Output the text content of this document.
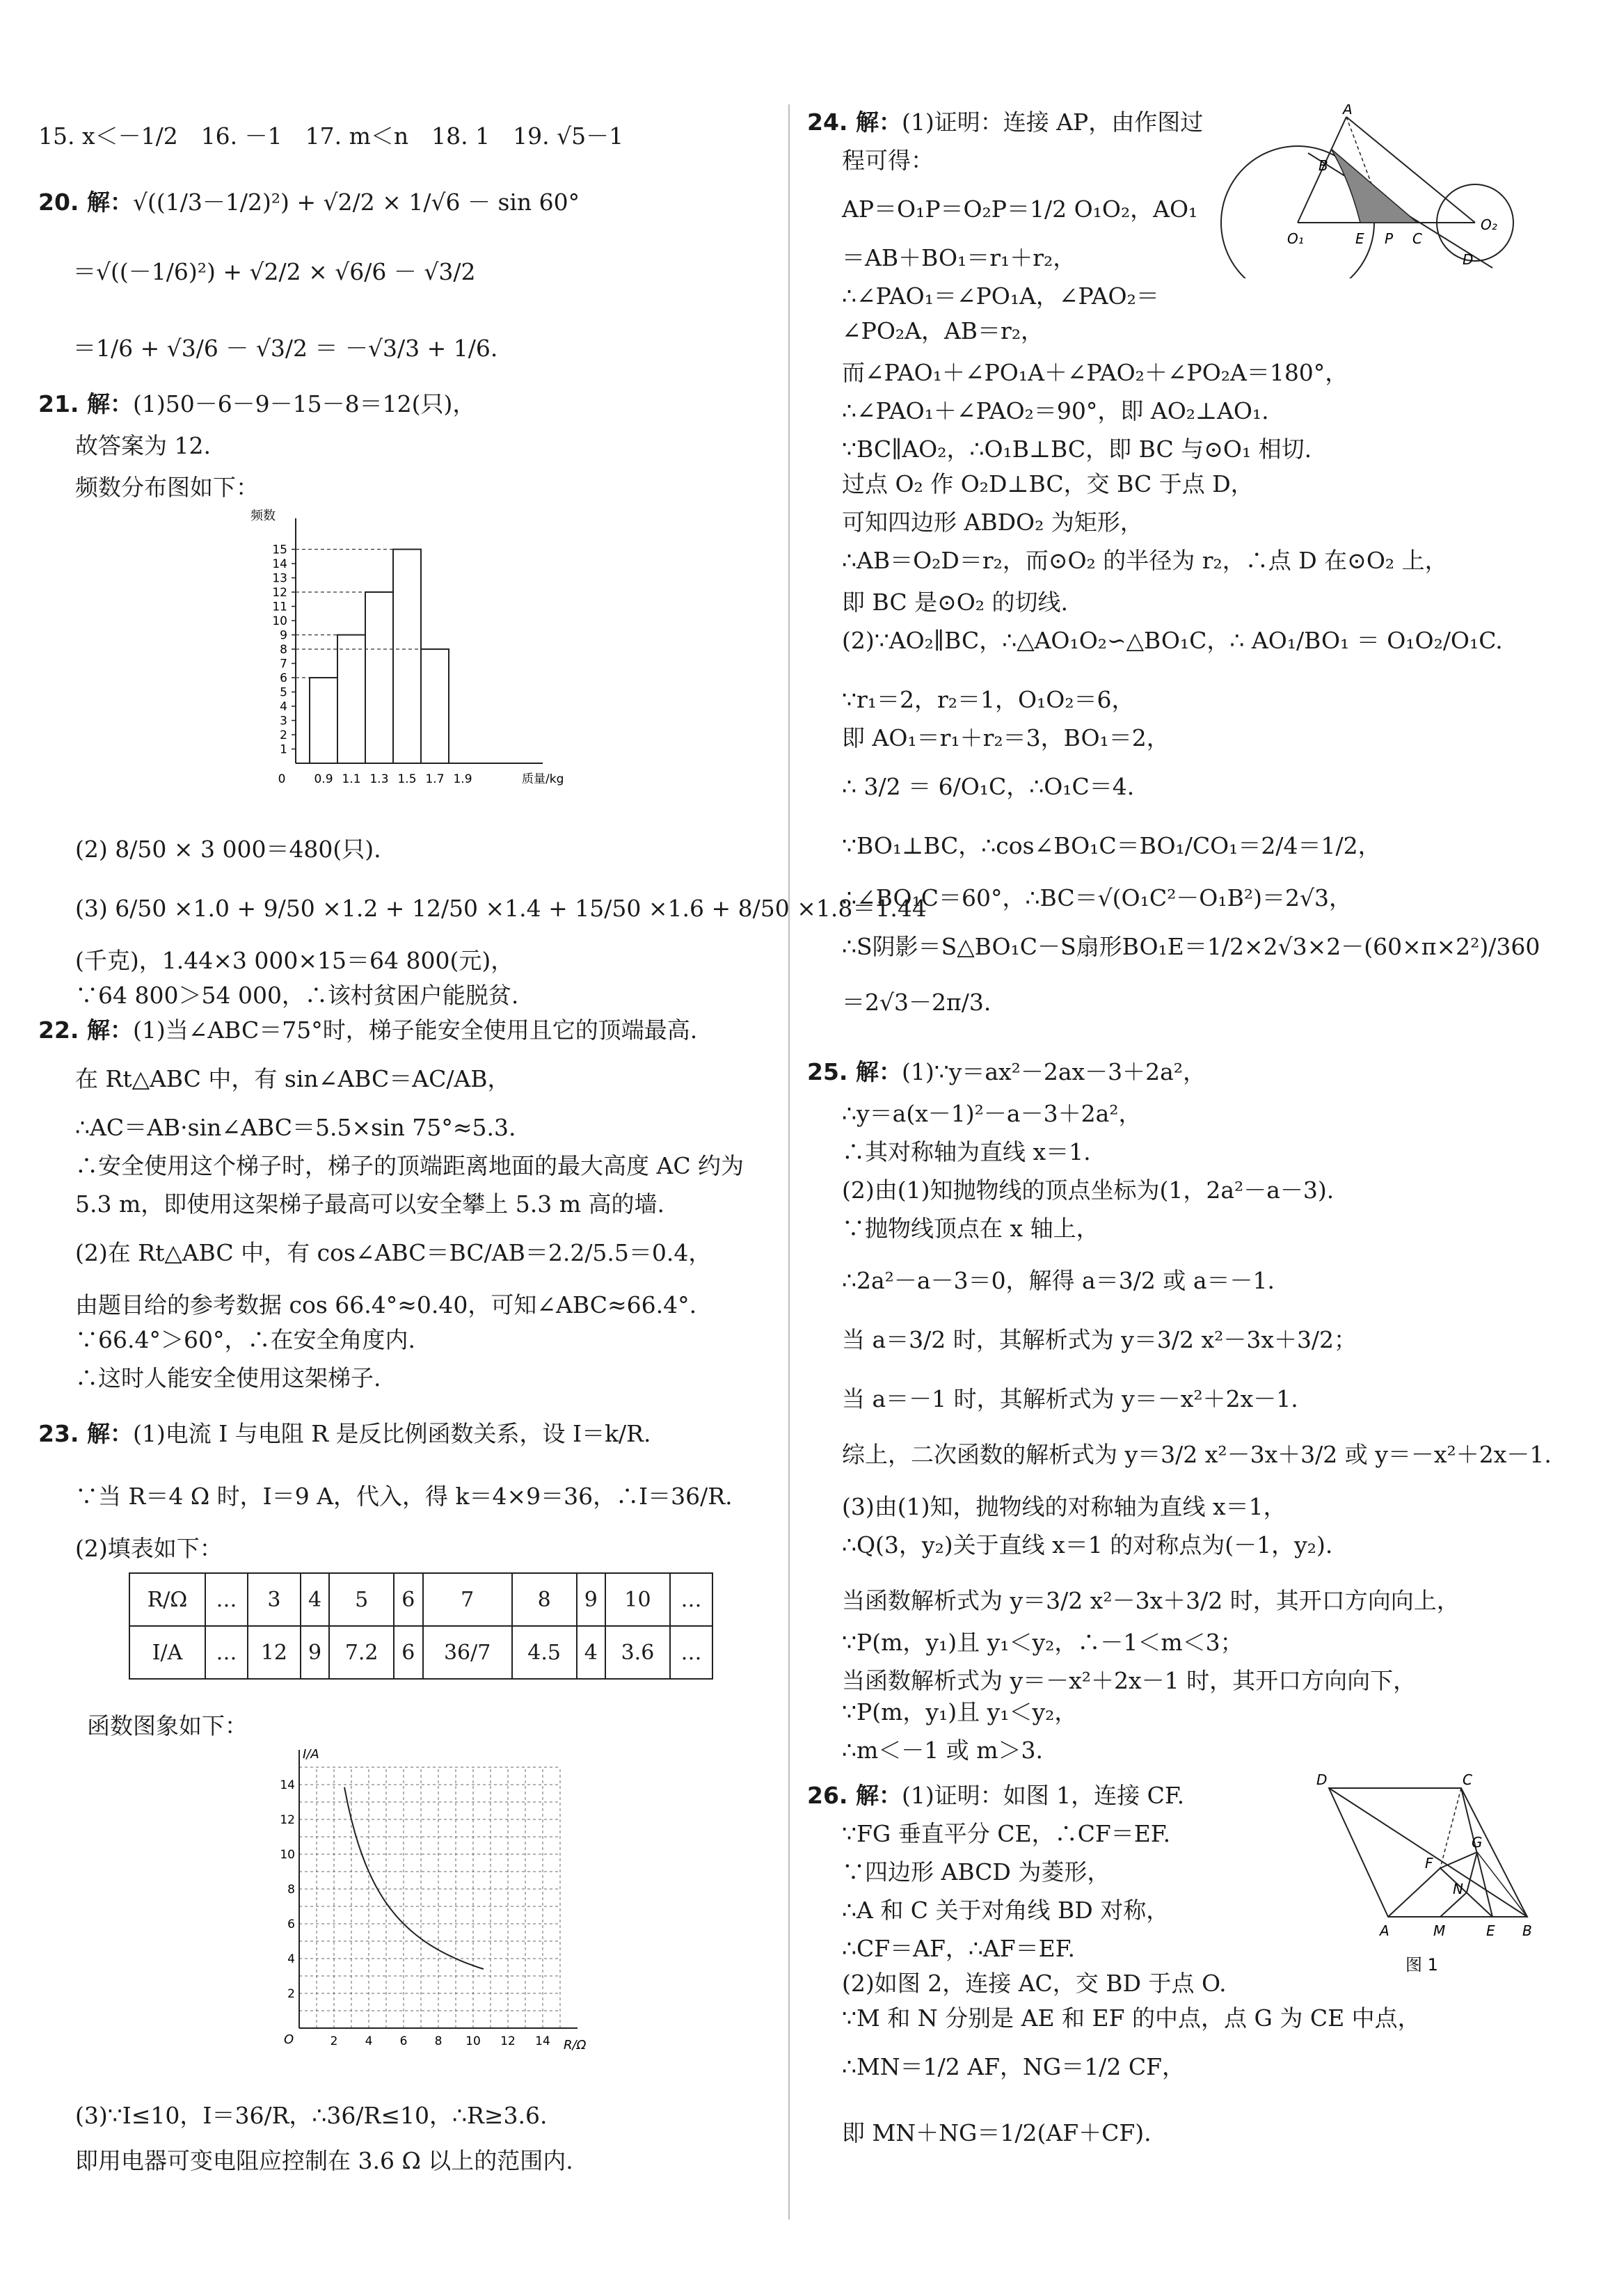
频数
质量/kg
1
2
3
4
5
6
7
8
9
10
11
12
13
14
15
0 0.9 1.1 1.3 1.5 1.7 1.9
R/Ω	…	3	4	5	6	7	8	9	10	…
I/A	…	12	9	7.2	6	36/7	4.5	4	3.6	…
I/A
R/Ω
O
2
4
6
8
10
12
14
2 4 6 8 10 12 14
A
B
O₁	E P C
O₂
D
D	C
F
G
N
A	M	E B
图 1
15. x＜－1/2　16. －1　17. m＜n　18. 1　19. √5－1
20. 解：√((1/3－1/2)²) + √2/2 × 1/√6 － sin 60°
＝√((－1/6)²) + √2/2 × √6/6 － √3/2
＝1/6 + √3/6 － √3/2 ＝ －√3/3 + 1/6.
21. 解：(1)50－6－9－15－8＝12(只)，
故答案为 12.
频数分布图如下：
(2) 8/50 × 3 000＝480(只).
(3) 6/50 ×1.0 + 9/50 ×1.2 + 12/50 ×1.4 + 15/50 ×1.6 + 8/50 ×1.8＝1.44
(千克)，1.44×3 000×15＝64 800(元)，
∵64 800＞54 000，∴该村贫困户能脱贫.
22. 解：(1)当∠ABC＝75°时，梯子能安全使用且它的顶端最高.
在 Rt△ABC 中，有 sin∠ABC＝AC/AB，
∴AC＝AB·sin∠ABC＝5.5×sin 75°≈5.3.
∴安全使用这个梯子时，梯子的顶端距离地面的最大高度 AC 约为
5.3 m，即使用这架梯子最高可以安全攀上 5.3 m 高的墙.
(2)在 Rt△ABC 中，有 cos∠ABC＝BC/AB＝2.2/5.5＝0.4，
由题目给的参考数据 cos 66.4°≈0.40，可知∠ABC≈66.4°.
∵66.4°＞60°，∴在安全角度内.
∴这时人能安全使用这架梯子.
23. 解：(1)电流 I 与电阻 R 是反比例函数关系，设 I＝k/R.
∵当 R＝4 Ω 时，I＝9 A，代入，得 k＝4×9＝36，∴I＝36/R.
(2)填表如下：
函数图象如下：
(3)∵I≤10，I＝36/R，∴36/R≤10，∴R≥3.6.
即用电器可变电阻应控制在 3.6 Ω 以上的范围内.
24. 解：(1)证明：连接 AP，由作图过
程可得：
AP＝O₁P＝O₂P＝1/2 O₁O₂，AO₁
＝AB＋BO₁＝r₁＋r₂，
∴∠PAO₁＝∠PO₁A，∠PAO₂＝
∠PO₂A，AB＝r₂，
而∠PAO₁＋∠PO₁A＋∠PAO₂＋∠PO₂A＝180°，
∴∠PAO₁＋∠PAO₂＝90°，即 AO₂⊥AO₁.
∵BC∥AO₂，∴O₁B⊥BC，即 BC 与⊙O₁ 相切.
过点 O₂ 作 O₂D⊥BC，交 BC 于点 D，
可知四边形 ABDO₂ 为矩形，
∴AB＝O₂D＝r₂，而⊙O₂ 的半径为 r₂，∴点 D 在⊙O₂ 上，
即 BC 是⊙O₂ 的切线.
(2)∵AO₂∥BC，∴△AO₁O₂∽△BO₁C，∴ AO₁/BO₁ ＝ O₁O₂/O₁C.
∵r₁＝2，r₂＝1，O₁O₂＝6，
即 AO₁＝r₁＋r₂＝3，BO₁＝2，
∴ 3/2 ＝ 6/O₁C，∴O₁C＝4.
∵BO₁⊥BC，∴cos∠BO₁C＝BO₁/CO₁＝2/4＝1/2，
∴∠BO₁C＝60°，∴BC＝√(O₁C²－O₁B²)＝2√3，
∴S阴影＝S△BO₁C－S扇形BO₁E＝1/2×2√3×2－(60×π×2²)/360
＝2√3－2π/3.
25. 解：(1)∵y＝ax²－2ax－3＋2a²，
∴y＝a(x－1)²－a－3＋2a²，
∴其对称轴为直线 x＝1.
(2)由(1)知抛物线的顶点坐标为(1，2a²－a－3).
∵抛物线顶点在 x 轴上，
∴2a²－a－3＝0，解得 a＝3/2 或 a＝－1.
当 a＝3/2 时，其解析式为 y＝3/2 x²－3x＋3/2；
当 a＝－1 时，其解析式为 y＝－x²＋2x－1.
综上，二次函数的解析式为 y＝3/2 x²－3x＋3/2 或 y＝－x²＋2x－1.
(3)由(1)知，抛物线的对称轴为直线 x＝1，
∴Q(3，y₂)关于直线 x＝1 的对称点为(－1，y₂).
当函数解析式为 y＝3/2 x²－3x＋3/2 时，其开口方向向上，
∵P(m，y₁)且 y₁＜y₂，∴－1＜m＜3；
当函数解析式为 y＝－x²＋2x－1 时，其开口方向向下，
∵P(m，y₁)且 y₁＜y₂，
∴m＜－1 或 m＞3.
26. 解：(1)证明：如图 1，连接 CF.
∵FG 垂直平分 CE，∴CF＝EF.
∵四边形 ABCD 为菱形，
∴A 和 C 关于对角线 BD 对称，
∴CF＝AF，∴AF＝EF.
(2)如图 2，连接 AC，交 BD 于点 O.
∵M 和 N 分别是 AE 和 EF 的中点，点 G 为 CE 中点，
∴MN＝1/2 AF，NG＝1/2 CF，
即 MN＋NG＝1/2(AF＋CF).
